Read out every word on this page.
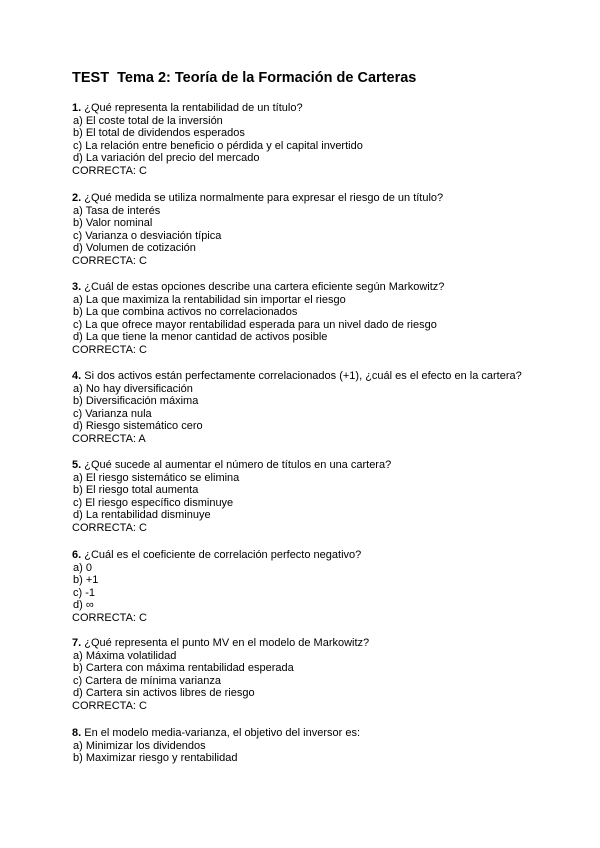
TEST  Tema 2: Teoría de la Formación de Carteras
1. ¿Qué representa la rentabilidad de un título?
a) El coste total de la inversión
b) El total de dividendos esperados
c) La relación entre beneficio o pérdida y el capital invertido
d) La variación del precio del mercado
CORRECTA: C
2. ¿Qué medida se utiliza normalmente para expresar el riesgo de un título?
a) Tasa de interés
b) Valor nominal
c) Varianza o desviación típica
d) Volumen de cotización
CORRECTA: C
3. ¿Cuál de estas opciones describe una cartera eficiente según Markowitz?
a) La que maximiza la rentabilidad sin importar el riesgo
b) La que combina activos no correlacionados
c) La que ofrece mayor rentabilidad esperada para un nivel dado de riesgo
d) La que tiene la menor cantidad de activos posible
CORRECTA: C
4. Si dos activos están perfectamente correlacionados (+1), ¿cuál es el efecto en la cartera?
a) No hay diversificación
b) Diversificación máxima
c) Varianza nula
d) Riesgo sistemático cero
CORRECTA: A
5. ¿Qué sucede al aumentar el número de títulos en una cartera?
a) El riesgo sistemático se elimina
b) El riesgo total aumenta
c) El riesgo específico disminuye
d) La rentabilidad disminuye
CORRECTA: C
6. ¿Cuál es el coeficiente de correlación perfecto negativo?
a) 0
b) +1
c) -1
d) ∞
CORRECTA: C
7. ¿Qué representa el punto MV en el modelo de Markowitz?
a) Máxima volatilidad
b) Cartera con máxima rentabilidad esperada
c) Cartera de mínima varianza
d) Cartera sin activos libres de riesgo
CORRECTA: C
8. En el modelo media-varianza, el objetivo del inversor es:
a) Minimizar los dividendos
b) Maximizar riesgo y rentabilidad
